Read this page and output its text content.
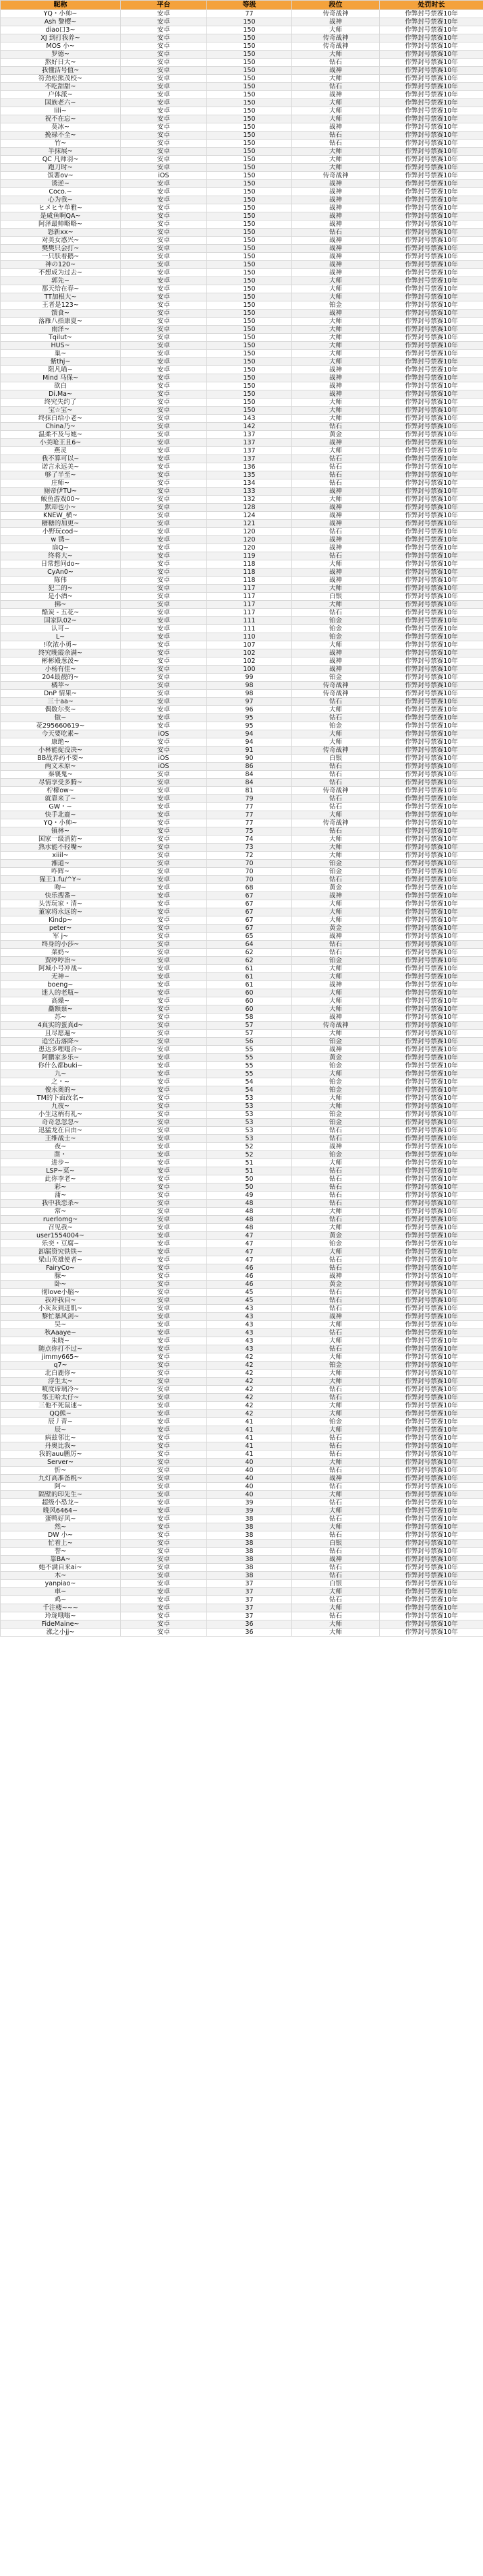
昵称	平台	等级	段位	处罚时长
YQ・小帅~	安卓	77	传奇战神	作弊封号禁赛10年
Ash 黎樱~	安卓	150	战神	作弊封号禁赛10年
diao口3~	安卓	150	大师	作弊封号禁赛10年
XJ 到打我养~	安卓	150	传奇战神	作弊封号禁赛10年
MOS 小~	安卓	150	传奇战神	作弊封号禁赛10年
罗德~	安卓	150	大师	作弊封号禁赛10年
熬好日大~	安卓	150	钻石	作弊封号禁赛10年
我懂洁号值~	安卓	150	战神	作弊封号禁赛10年
符劲松熊茂校~	安卓	150	大师	作弊封号禁赛10年
不吃甜甜~	安卓	150	钻石	作弊封号禁赛10年
户体派~	安卓	150	战神	作弊封号禁赛10年
国族老六~	安卓	150	大师	作弊封号禁赛10年
lili~	安卓	150	大师	作弊封号禁赛10年
祝不在忘~	安卓	150	大师	作弊封号禁赛10年
莫冰~	安卓	150	战神	作弊封号禁赛10年
挽禄不全~	安卓	150	钻石	作弊封号禁赛10年
竹~	安卓	150	钻石	作弊封号禁赛10年
半抹展~	安卓	150	大师	作弊封号禁赛10年
QC 凡师羽~	安卓	150	大师	作弊封号禁赛10年
跑刀时~	安卓	150	大师	作弊封号禁赛10年
饭薯ov~	iOS	150	传奇战神	作弊封号禁赛10年
诱逆~	安卓	150	战神	作弊封号禁赛10年
Coco.~	安卓	150	战神	作弊封号禁赛10年
心为我~	安卓	150	战神	作弊封号禁赛10年
ヒメヒヤ单雅~	安卓	150	战神	作弊封号禁赛10年
是咸鱼啊QA~	安卓	150	战神	作弊封号禁赛10年
阿泽最帅略略~	安卓	150	战神	作弊封号禁赛10年
怒新xx~	安卓	150	钻石	作弊封号禁赛10年
对美女惑兴~	安卓	150	战神	作弊封号禁赛10年
樊樊只会打~	安卓	150	战神	作弊封号禁赛10年
一只肤着鹅~	安卓	150	战神	作弊封号禁赛10年
神の120~	安卓	150	战神	作弊封号禁赛10年
不想成为过去~	安卓	150	战神	作弊封号禁赛10年
郭先~	安卓	150	大师	作弊封号禁赛10年
那天给在春~	安卓	150	大师	作弊封号禁赛10年
TT加根大~	安卓	150	大师	作弊封号禁赛10年
王者是123~	安卓	150	铂金	作弊封号禁赛10年
馈食~	安卓	150	战神	作弊封号禁赛10年
落雁八指康夏~	安卓	150	大师	作弊封号禁赛10年
雨泽~	安卓	150	大师	作弊封号禁赛10年
Tqilut~	安卓	150	大师	作弊封号禁赛10年
HUS~	安卓	150	大师	作弊封号禁赛10年
巢~	安卓	150	大师	作弊封号禁赛10年
紫thj~	安卓	150	大师	作弊封号禁赛10年
阻凡喵~	安卓	150	战神	作弊封号禁赛10年
Mind 马保~	安卓	150	战神	作弊封号禁赛10年
欲白	安卓	150	战神	作弊封号禁赛10年
Di.Ma~	安卓	150	战神	作弊封号禁赛10年
终究失约了	安卓	150	大师	作弊封号禁赛10年
宝☆宝~	安卓	150	大师	作弊封号禁赛10年
终抹白给小老~	安卓	143	大师	作弊封号禁赛10年
China乃~	安卓	142	钻石	作弊封号禁赛10年
温柔不及与她~	安卓	137	黄金	作弊封号禁赛10年
小美呛王且6~	安卓	137	战神	作弊封号禁赛10年
燕灵	安卓	137	大师	作弊封号禁赛10年
我不算可以~	安卓	137	钻石	作弊封号禁赛10年
诺言永远美~	安卓	136	钻石	作弊封号禁赛10年
够了半至~	安卓	135	钻石	作弊封号禁赛10年
庄师~	安卓	134	钻石	作弊封号禁赛10年
厕帝伊TU~	安卓	133	战神	作弊封号禁赛10年
鲅鱼游戏00~	安卓	132	大师	作弊封号禁赛10年
默却也小~	安卓	128	战神	作弊封号禁赛10年
KNEW_横~	安卓	124	战神	作弊封号禁赛10年
糖糖的加更~	安卓	121	战神	作弊封号禁赛10年
小野玩cod~	安卓	120	钻石	作弊封号禁赛10年
w 锈~	安卓	120	战神	作弊封号禁赛10年
扇Q~	安卓	120	战神	作弊封号禁赛10年
终将大~	安卓	119	钻石	作弊封号禁赛10年
日常想问do~	安卓	118	大师	作弊封号禁赛10年
CyAn0~	安卓	118	战神	作弊封号禁赛10年
陈伟	安卓	118	战神	作弊封号禁赛10年
犯二的~	安卓	117	大师	作弊封号禁赛10年
是小酒~	安卓	117	白银	作弊封号禁赛10年
拂~	安卓	117	大师	作弊封号禁赛10年
酷炭 - 五花~	安卓	117	钻石	作弊封号禁赛10年
国家队02~	安卓	111	铂金	作弊封号禁赛10年
认可~	安卓	111	铂金	作弊封号禁赛10年
L~	安卓	110	铂金	作弊封号禁赛10年
!吹浓小勇~	安卓	107	大师	作弊封号禁赛10年
终究晚霞余满~	安卓	102	战神	作弊封号禁赛10年
彬彬殿葱泼~	安卓	102	战神	作弊封号禁赛10年
小杨有佳~	安卓	100	战神	作弊封号禁赛10年
204最靓的~	安卓	99	铂金	作弊封号禁赛10年
橘苹~	安卓	98	传奇战神	作弊封号禁赛10年
DnP 情果~	安卓	98	传奇战神	作弊封号禁赛10年
三十aa~	安卓	97	钻石	作弊封号禁赛10年
偶数尔奖~	安卓	96	大师	作弊封号禁赛10年
傲~	安卓	95	钻石	作弊封号禁赛10年
花295660619~	安卓	95	铂金	作弊封号禁赛10年
今天要吃素~	iOS	94	大师	作弊封号禁赛10年
康绝~	安卓	94	大师	作弊封号禁赛10年
小林能捉没决~	安卓	91	传奇战神	作弊封号禁赛10年
BB战养药不要~	iOS	90	白银	作弊封号禁赛10年
两文未原~	iOS	86	钻石	作弊封号禁赛10年
秦襄鬼~	安卓	84	钻石	作弊封号禁赛10年
尽情享受多腾~	安卓	84	钻石	作弊封号禁赛10年
柠檬ow~	安卓	81	传奇战神	作弊封号禁赛10年
就靠来了~	安卓	79	钻石	作弊封号禁赛10年
GW・~	安卓	77	钻石	作弊封号禁赛10年
快手北鹿~	安卓	77	大师	作弊封号禁赛10年
YQ・小帅~	安卓	77	传奇战神	作弊封号禁赛10年
镇林~	安卓	75	钻石	作弊封号禁赛10年
国家一级消防~	安卓	74	大师	作弊封号禁赛10年
熟水能不轻嘴~	安卓	73	大师	作弊封号禁赛10年
xiiil~	安卓	72	大师	作弊封号禁赛10年
湘道~	安卓	70	铂金	作弊封号禁赛10年
咋辉~	安卓	70	铂金	作弊封号禁赛10年
猩王1.fu/^Y~	安卓	70	钻石	作弊封号禁赛10年
吻~	安卓	68	黄金	作弊封号禁赛10年
快乐搜番~	安卓	67	战神	作弊封号禁赛10年
头苦玩家・清~	安卓	67	大师	作弊封号禁赛10年
董家将永远的~	安卓	67	大师	作弊封号禁赛10年
Kindp~	安卓	67	大师	作弊封号禁赛10年
peter~	安卓	67	黄金	作弊封号禁赛10年
军 j~	安卓	65	战神	作弊封号禁赛10年
终身的小莎~	安卓	64	钻石	作弊封号禁赛10年
菜奶~	安卓	62	钻石	作弊封号禁赛10年
贾哼哼治~	安卓	62	铂金	作弊封号禁赛10年
阿城小号冲战~	安卓	61	大师	作弊封号禁赛10年
无神~	安卓	61	大师	作弊封号禁赛10年
boeng~	安卓	61	战神	作弊封号禁赛10年
迷人的老瓶~	安卓	60	大师	作弊封号禁赛10年
高燥~	安卓	60	大师	作弊封号禁赛10年
矗额蔡~	安卓	60	大师	作弊封号禁赛10年
苏~	安卓	58	战神	作弊封号禁赛10年
4真实的蛋真d~	安卓	57	传奇战神	作弊封号禁赛10年
且尽愿遍~	安卓	57	大师	作弊封号禁赛10年
追空击落降~	安卓	56	铂金	作弊封号禁赛10年
患达多哩嘎合~	安卓	55	战神	作弊封号禁赛10年
阿鹏家多乐~	安卓	55	黄金	作弊封号禁赛10年
你什么都buki~	安卓	55	铂金	作弊封号禁赛10年
九~	安卓	55	大师	作弊封号禁赛10年
之・~	安卓	54	铂金	作弊封号禁赛10年
俊永奥的~	安卓	54	铂金	作弊封号禁赛10年
TM的下面改名~	安卓	53	大师	作弊封号禁赛10年
九夜~	安卓	53	大师	作弊封号禁赛10年
小生这柄有礼~	安卓	53	铂金	作弊封号禁赛10年
奇奇忽忽忽~	安卓	53	铂金	作弊封号禁赛10年
迅猛龙在自由~	安卓	53	钻石	作弊封号禁赛10年
王维战士~	安卓	53	钻石	作弊封号禁赛10年
夜~	安卓	52	战神	作弊封号禁赛10年
凿・	安卓	52	铂金	作弊封号禁赛10年
进步~	安卓	51	大师	作弊封号禁赛10年
LSP~菜~	安卓	51	钻石	作弊封号禁赛10年
此你李老~	安卓	50	钻石	作弊封号禁赛10年
彩~	安卓	50	钻石	作弊封号禁赛10年
蒲~	安卓	49	钻石	作弊封号禁赛10年
我中我恋杀~	安卓	48	钻石	作弊封号禁赛10年
常~	安卓	48	大师	作弊封号禁赛10年
ruerlomg~	安卓	48	钻石	作弊封号禁赛10年
召见我~	安卓	48	大师	作弊封号禁赛10年
user1554004~	安卓	47	黄金	作弊封号禁赛10年
乐奕・豆腐~	安卓	47	铂金	作弊封号禁赛10年
卸漏资究铁铁~	安卓	47	大师	作弊封号禁赛10年
梁山英雄使者~	安卓	47	钻石	作弊封号禁赛10年
FairyCo~	安卓	46	钻石	作弊封号禁赛10年
朦~	安卓	46	战神	作弊封号禁赛10年
卧~	安卓	46	黄金	作弊封号禁赛10年
彻love小脑~	安卓	45	钻石	作弊封号禁赛10年
我冲我自~	安卓	45	钻石	作弊封号禁赛10年
小灰灰到进肌~	安卓	43	钻石	作弊封号禁赛10年
黎忙暴风剑~	安卓	43	战神	作弊封号禁赛10年
吴~	安卓	43	大师	作弊封号禁赛10年
秋Aaaye~	安卓	43	钻石	作弊封号禁赛10年
朱晓~	安卓	43	大师	作弊封号禁赛10年
随点你打不过~	安卓	43	钻石	作弊封号禁赛10年
jimmy665~	安卓	42	大师	作弊封号禁赛10年
q7~	安卓	42	铂金	作弊封号禁赛10年
北白鹿你~	安卓	42	大师	作弊封号禁赛10年
浮生太~	安卓	42	大师	作弊封号禁赛10年
嗄度谛璃冷~	安卓	42	钻石	作弊封号禁赛10年
邻王哈太仔~	安卓	42	钻石	作弊封号禁赛10年
三他不死鼠速~	安卓	42	大师	作弊封号禁赛10年
QQ熊~	安卓	42	大师	作弊封号禁赛10年
辰丿青~	安卓	41	铂金	作弊封号禁赛10年
辰~	安卓	41	大师	作弊封号禁赛10年
病兹邻比~	安卓	41	钻石	作弊封号禁赛10年
丹奥比我~	安卓	41	钻石	作弊封号禁赛10年
我的auu鹏厉~	安卓	41	钻石	作弊封号禁赛10年
Server~	安卓	40	大师	作弊封号禁赛10年
忻~	安卓	40	钻石	作弊封号禁赛10年
九灯高准备税~	安卓	40	战神	作弊封号禁赛10年
阿~	安卓	40	钻石	作弊封号禁赛10年
隔壁的印先生~	安卓	40	大师	作弊封号禁赛10年
超级小恐龙~	安卓	39	钻石	作弊封号禁赛10年
晚风6464~	安卓	39	大师	作弊封号禁赛10年
蛋鸭好风~	安卓	38	钻石	作弊封号禁赛10年
然~	安卓	38	大师	作弊封号禁赛10年
DW 小~	安卓	38	钻石	作弊封号禁赛10年
忙着上~	安卓	38	白银	作弊封号禁赛10年
誉~	安卓	38	钻石	作弊封号禁赛10年
靠BA~	安卓	38	战神	作弊封号禁赛10年
她不满自来ai~	安卓	38	钻石	作弊封号禁赛10年
木~	安卓	38	钻石	作弊封号禁赛10年
yanpiao~	安卓	37	白银	作弊封号禁赛10年
車~	安卓	37	大师	作弊封号禁赛10年
鸡~	安卓	37	钻石	作弊封号禁赛10年
千注楼~~~	安卓	37	大师	作弊封号禁赛10年
玲珑哦嗡~	安卓	37	钻石	作弊封号禁赛10年
FideMaine~	安卓	36	大师	作弊封号禁赛10年
涨之小jj~	安卓	36	大师	作弊封号禁赛10年
